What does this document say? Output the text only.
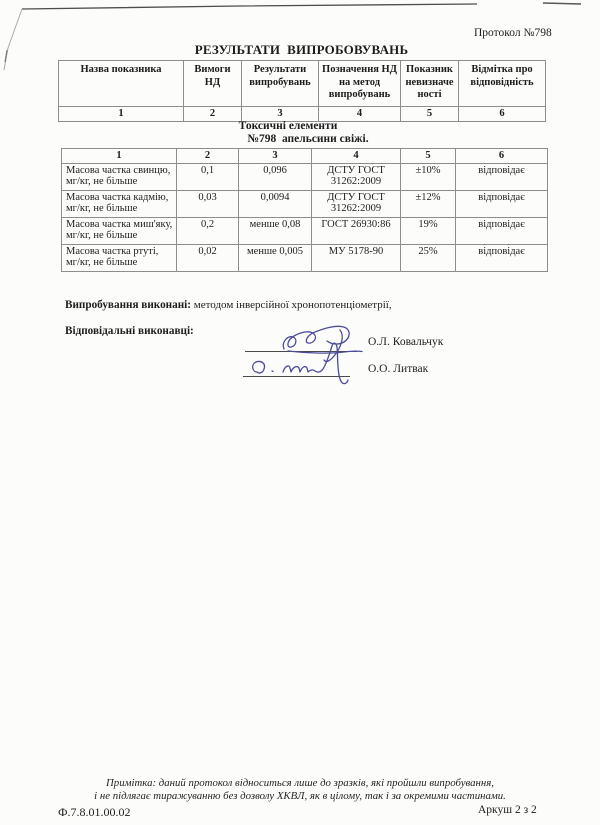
Протокол №798
РЕЗУЛЬТАТИ  ВИПРОБОВУВАНЬ
Назва показника	Вимоги НД	Результати випробувань	Позначення НД на метод випробувань	Показник невизначе ності	Відмітка про відповідність
1	2	3	4	5	6
Токсичні елементи
№798  апельсини свіжі.
1	2	3	4	5	6
Масова частка свинцю, мг/кг, не більше	0,1	0,096	ДСТУ ГОСТ 31262:2009	±10%	відповідає
Масова частка кадмію, мг/кг, не більше	0,03	0,0094	ДСТУ ГОСТ 31262:2009	±12%	відповідає
Масова частка миш'яку, мг/кг, не більше	0,2	менше 0,08	ГОСТ 26930:86	19%	відповідає
Масова частка ртуті, мг/кг, не більше	0,02	менше 0,005	МУ 5178-90	25%	відповідає
Випробування виконані: методом інверсійної хронопотенціометрії,
Відповідальні виконавці:
О.Л. Ковальчук
О.О. Литвак
Примітка: даний протокол відноситься лише до зразків, які пройшли випробування,
і не підлягає тиражуванню без дозволу ХКВЛ, як в цілому, так і за окремими частинами.
Ф.7.8.01.00.02	Аркуш 2 з 2
